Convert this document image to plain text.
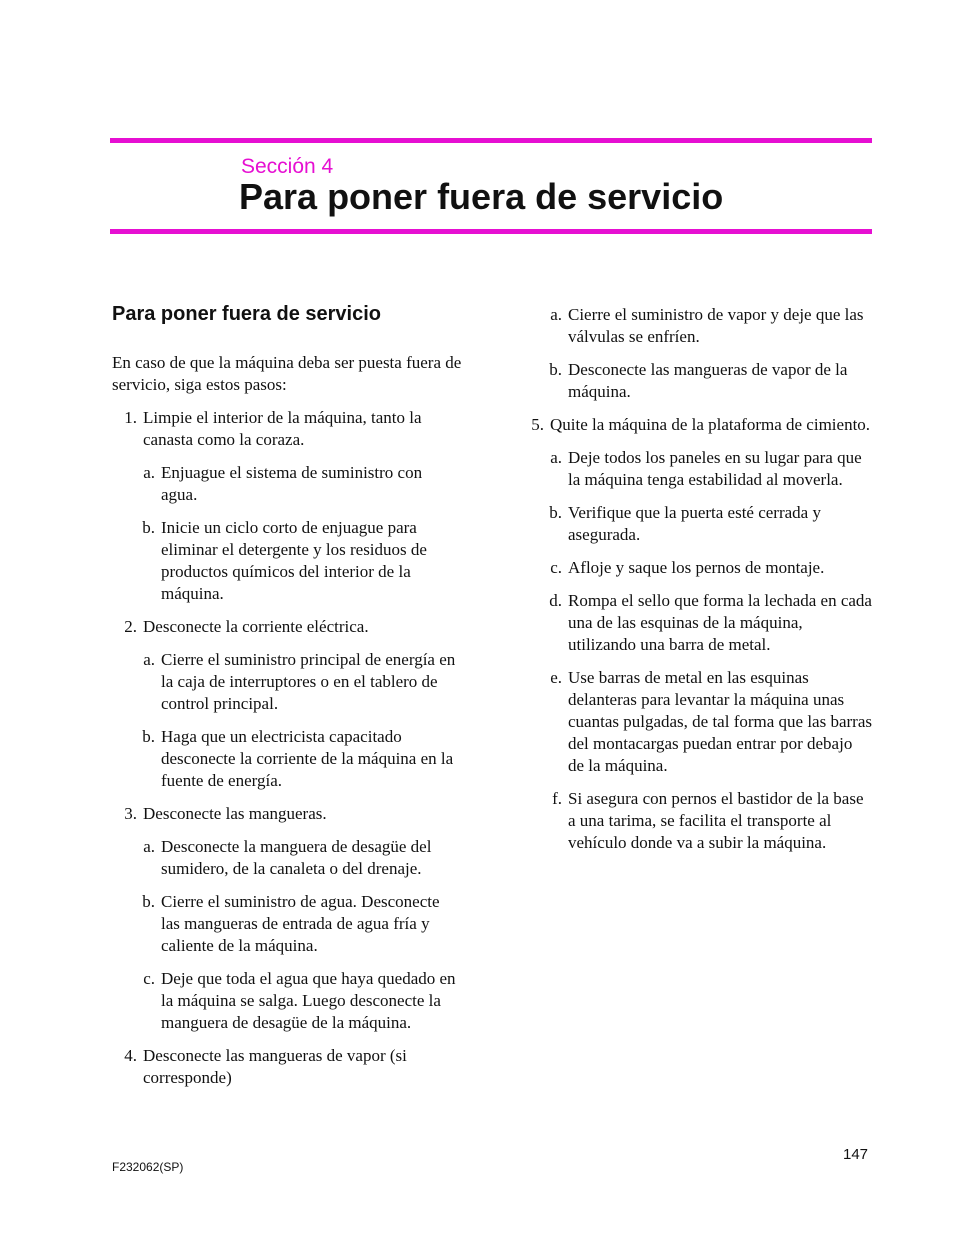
Sección 4
Para poner fuera de servicio
Para poner fuera de servicio

En caso de que la máquina deba ser puesta fuera de servicio, siga estos pasos:

1. Limpie el interior de la máquina, tanto la canasta como la coraza.
a. Enjuague el sistema de suministro con agua.
b. Inicie un ciclo corto de enjuague para eliminar el detergente y los residuos de productos químicos del interior de la máquina.
2. Desconecte la corriente eléctrica.
a. Cierre el suministro principal de energía en la caja de interruptores o en el tablero de control principal.
b. Haga que un electricista capacitado desconecte la corriente de la máquina en la fuente de energía.
3. Desconecte las mangueras.
a. Desconecte la manguera de desagüe del sumidero, de la canaleta o del drenaje.
b. Cierre el suministro de agua. Desconecte las mangueras de entrada de agua fría y caliente de la máquina.
c. Deje que toda el agua que haya quedado en la máquina se salga. Luego desconecte la manguera de desagüe de la máquina.
4. Desconecte las mangueras de vapor (si corresponde)
a. Cierre el suministro de vapor y deje que las válvulas se enfríen.
b. Desconecte las mangueras de vapor de la máquina.
5. Quite la máquina de la plataforma de cimiento.
a. Deje todos los paneles en su lugar para que la máquina tenga estabilidad al moverla.
b. Verifique que la puerta esté cerrada y asegurada.
c. Afloje y saque los pernos de montaje.
d. Rompa el sello que forma la lechada en cada una de las esquinas de la máquina, utilizando una barra de metal.
e. Use barras de metal en las esquinas delanteras para levantar la máquina unas cuantas pulgadas, de tal forma que las barras del montacargas puedan entrar por debajo de la máquina.
f. Si asegura con pernos el bastidor de la base a una tarima, se facilita el transporte al vehículo donde va a subir la máquina.
147
F232062(SP)
